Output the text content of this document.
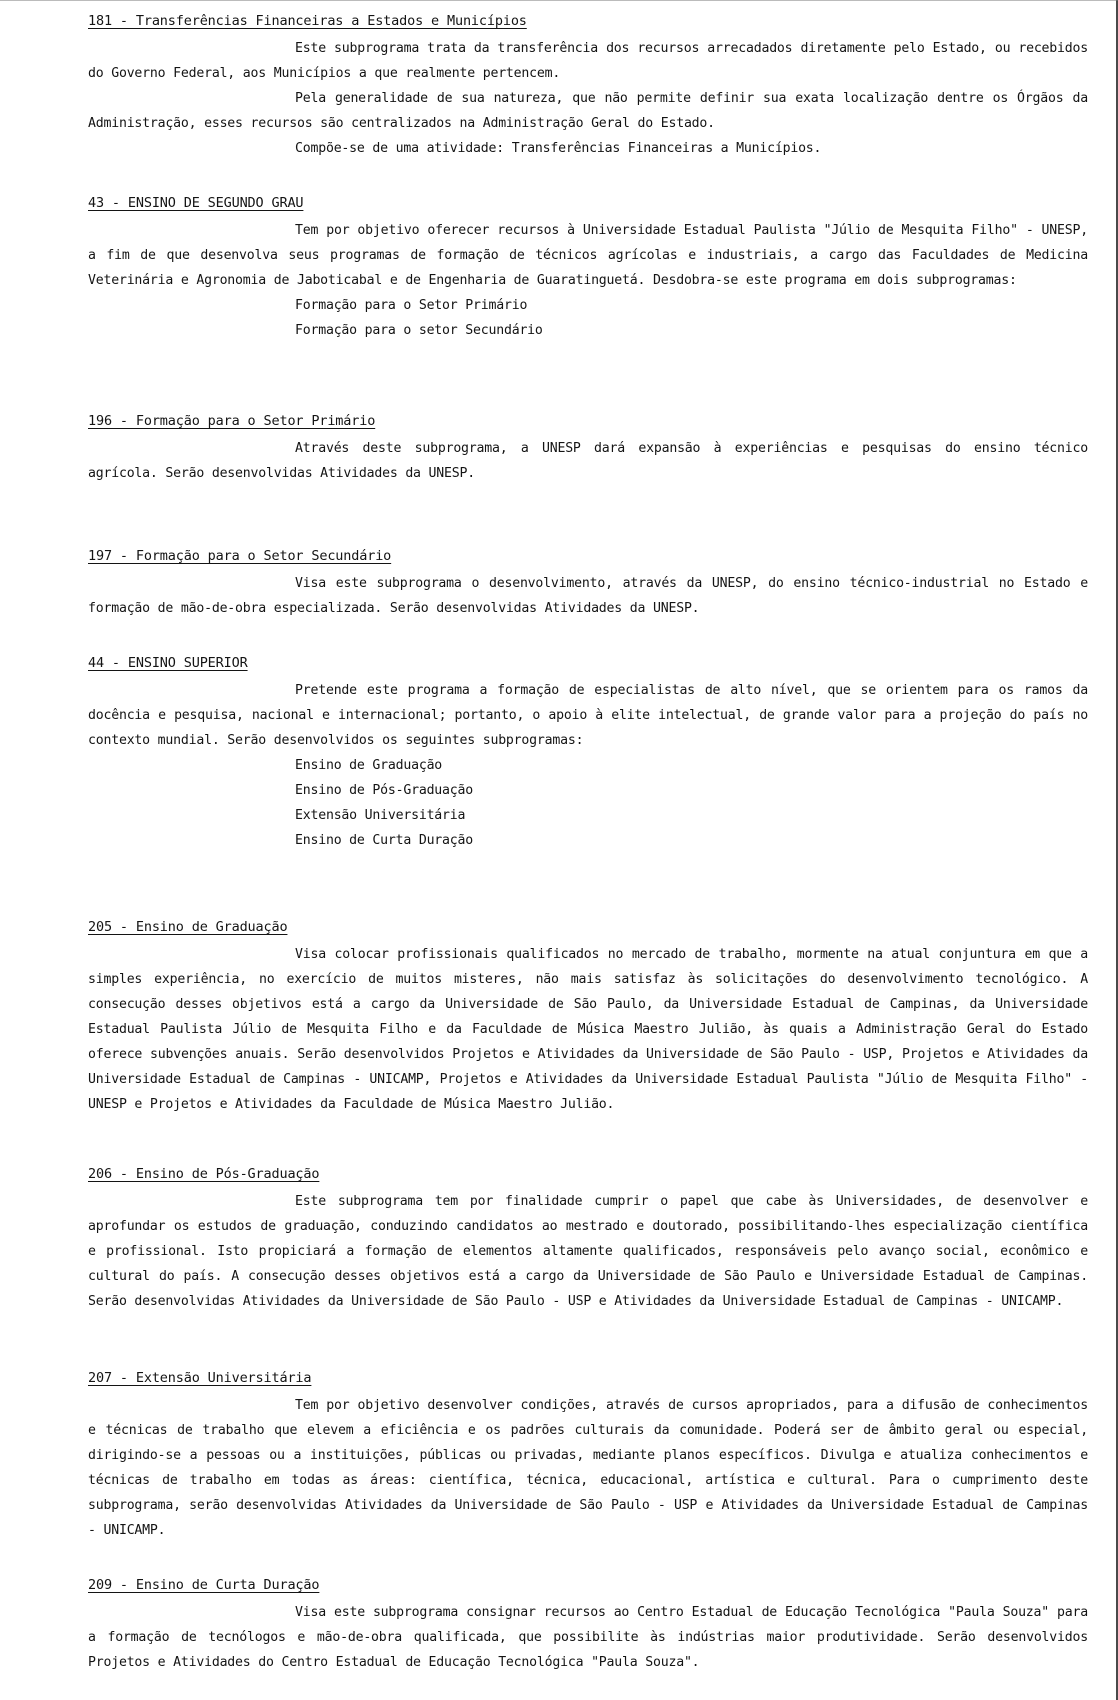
181 - Transferências Financeiras a Estados e Municípios

Este subprograma trata da transferência dos recursos arrecadados diretamente pelo Estado, ou recebidos do Governo Federal, aos Municípios a que realmente pertencem.

Pela generalidade de sua natureza, que não permite definir sua exata localização dentre os Órgãos da Administração, esses recursos são centralizados na Administração Geral do Estado.

Compõe-se de uma atividade: Transferências Financeiras a Municípios.

43 - ENSINO DE SEGUNDO GRAU

Tem por objetivo oferecer recursos à Universidade Estadual Paulista "Júlio de Mesquita Filho" - UNESP, a fim de que desenvolva seus programas de formação de técnicos agrícolas e industriais, a cargo das Faculdades de Medicina Veterinária e Agronomia de Jaboticabal e de Engenharia de Guaratinguetá. Desdobra-se este programa em dois subprogramas:

Formação para o Setor Primário
Formação para o setor Secundário
196 - Formação para o Setor Primário

Através deste subprograma, a UNESP dará expansão à experiências e pesquisas do ensino técnico agrícola. Serão desenvolvidas Atividades da UNESP.

197 - Formação para o Setor Secundário

Visa este subprograma o desenvolvimento, através da UNESP, do ensino técnico-industrial no Estado e formação de mão-de-obra especializada. Serão desenvolvidas Atividades da UNESP.

44 - ENSINO SUPERIOR

Pretende este programa a formação de especialistas de alto nível, que se orientem para os ramos da docência e pesquisa, nacional e internacional; portanto, o apoio à elite intelectual, de grande valor para a projeção do país no contexto mundial. Serão desenvolvidos os seguintes subprogramas:

Ensino de Graduação
Ensino de Pós-Graduação
Extensão Universitária
Ensino de Curta Duração
205 - Ensino de Graduação

Visa colocar profissionais qualificados no mercado de trabalho, mormente na atual conjuntura em que a simples experiência, no exercício de muitos misteres, não mais satisfaz às solicitações do desenvolvimento tecnológico. A consecução desses objetivos está a cargo da Universidade de São Paulo, da Universidade Estadual de Campinas, da Universidade Estadual Paulista Júlio de Mesquita Filho e da Faculdade de Música Maestro Julião, às quais a Administração Geral do Estado oferece subvenções anuais. Serão desenvolvidos Projetos e Atividades da Universidade de São Paulo - USP, Projetos e Atividades da Universidade Estadual de Campinas - UNICAMP, Projetos e Atividades da Universidade Estadual Paulista "Júlio de Mesquita Filho" - UNESP e Projetos e Atividades da Faculdade de Música Maestro Julião.

206 - Ensino de Pós-Graduação

Este subprograma tem por finalidade cumprir o papel que cabe às Universidades, de desenvolver e aprofundar os estudos de graduação, conduzindo candidatos ao mestrado e doutorado, possibilitando-lhes especialização científica e profissional. Isto propiciará a formação de elementos altamente qualificados, responsáveis pelo avanço social, econômico e cultural do país. A consecução desses objetivos está a cargo da Universidade de São Paulo e Universidade Estadual de Campinas. Serão desenvolvidas Atividades da Universidade de São Paulo - USP e Atividades da Universidade Estadual de Campinas - UNICAMP.

207 - Extensão Universitária

Tem por objetivo desenvolver condições, através de cursos apropriados, para a difusão de conhecimentos e técnicas de trabalho que elevem a eficiência e os padrões culturais da comunidade. Poderá ser de âmbito geral ou especial, dirigindo-se a pessoas ou a instituições, públicas ou privadas, mediante planos específicos. Divulga e atualiza conhecimentos e técnicas de trabalho em todas as áreas: científica, técnica, educacional, artística e cultural. Para o cumprimento deste subprograma, serão desenvolvidas Atividades da Universidade de São Paulo - USP e Atividades da Universidade Estadual de Campinas - UNICAMP.

209 - Ensino de Curta Duração

Visa este subprograma consignar recursos ao Centro Estadual de Educação Tecnológica "Paula Souza" para a formação de tecnólogos e mão-de-obra qualificada, que possibilite às indústrias maior produtividade. Serão desenvolvidos Projetos e Atividades do Centro Estadual de Educação Tecnológica "Paula Souza".
